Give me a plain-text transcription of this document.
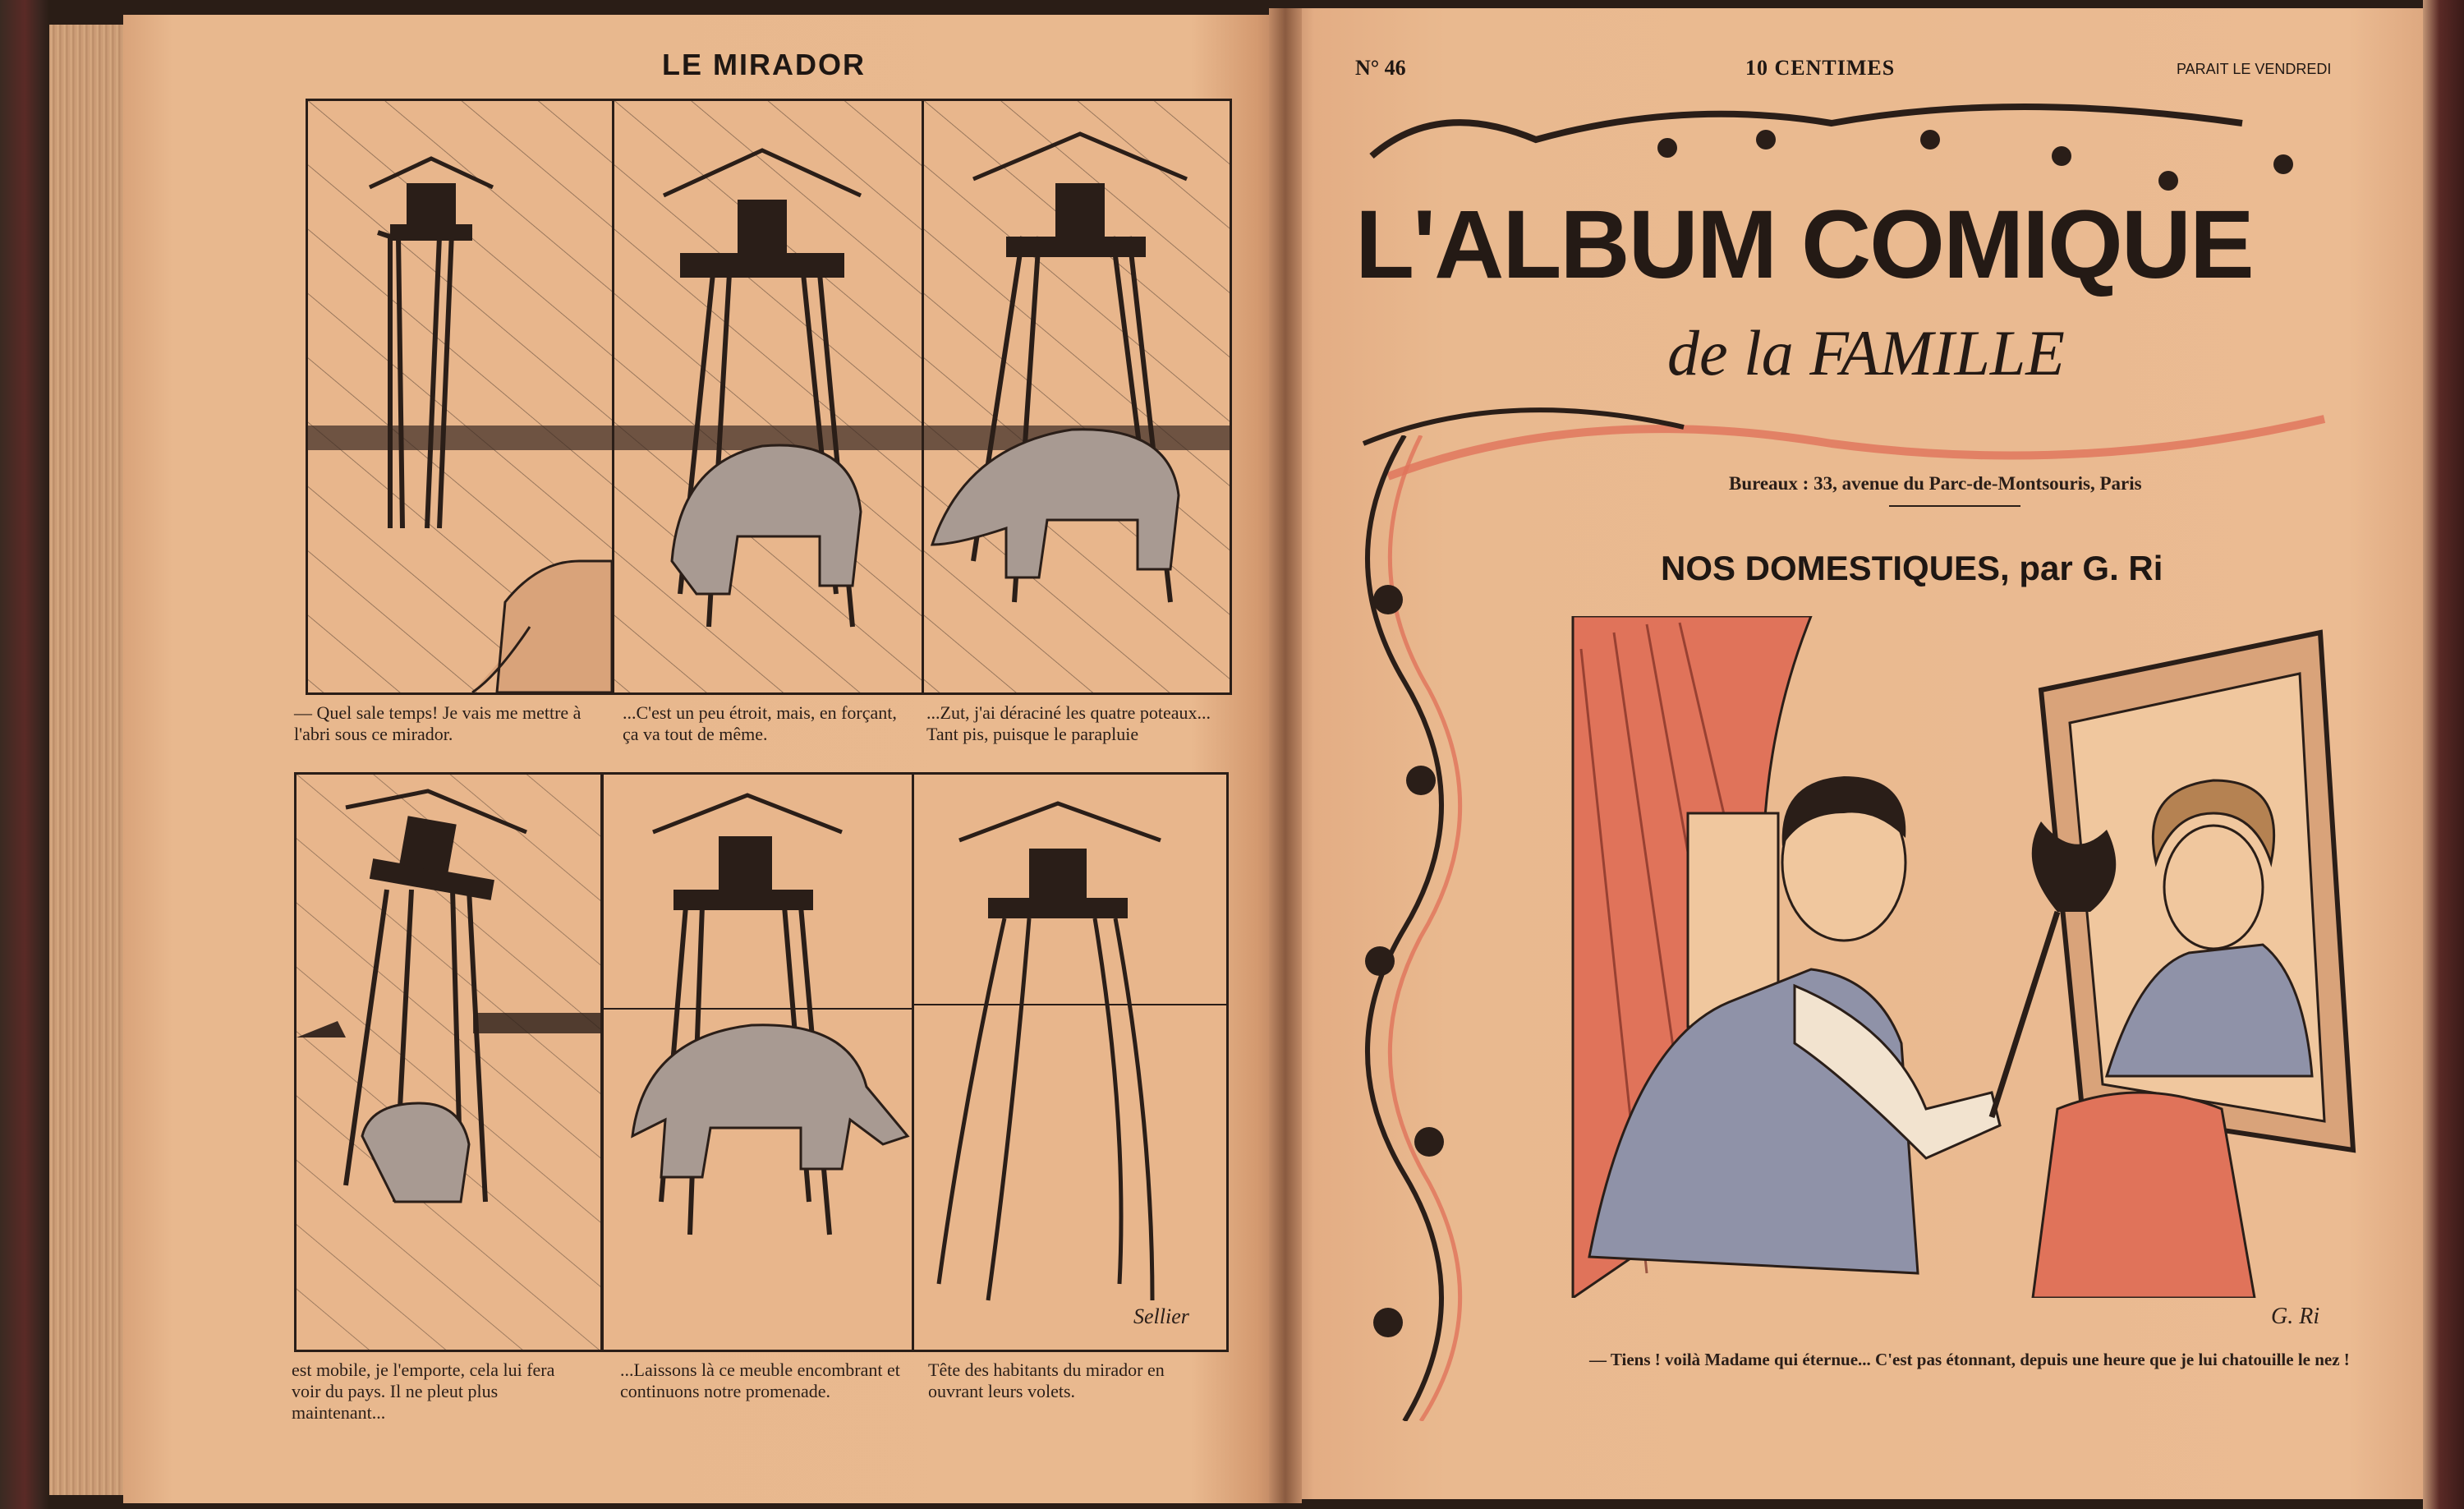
LE MIRADOR
— Quel sale temps! Je vais me mettre à l'abri sous ce mirador.
...C'est un peu étroit, mais, en forçant, ça va tout de même.
...Zut, j'ai déraciné les quatre poteaux... Tant pis, puisque le parapluie
Sellier
est mobile, je l'emporte, cela lui fera voir du pays. Il ne pleut plus maintenant...
...Laissons là ce meuble encombrant et continuons notre promenade.
Tête des habitants du mirador en ouvrant leurs volets.
N° 46	10 CENTIMES	PARAIT LE VENDREDI
L'ALBUM COMIQUE
de la FAMILLE
Bureaux : 33, avenue du Parc-de-Montsouris, Paris
NOS DOMESTIQUES, par G. Ri
G. Ri
— Tiens ! voilà Madame qui éternue... C'est pas étonnant, depuis une heure que je lui chatouille le nez !
